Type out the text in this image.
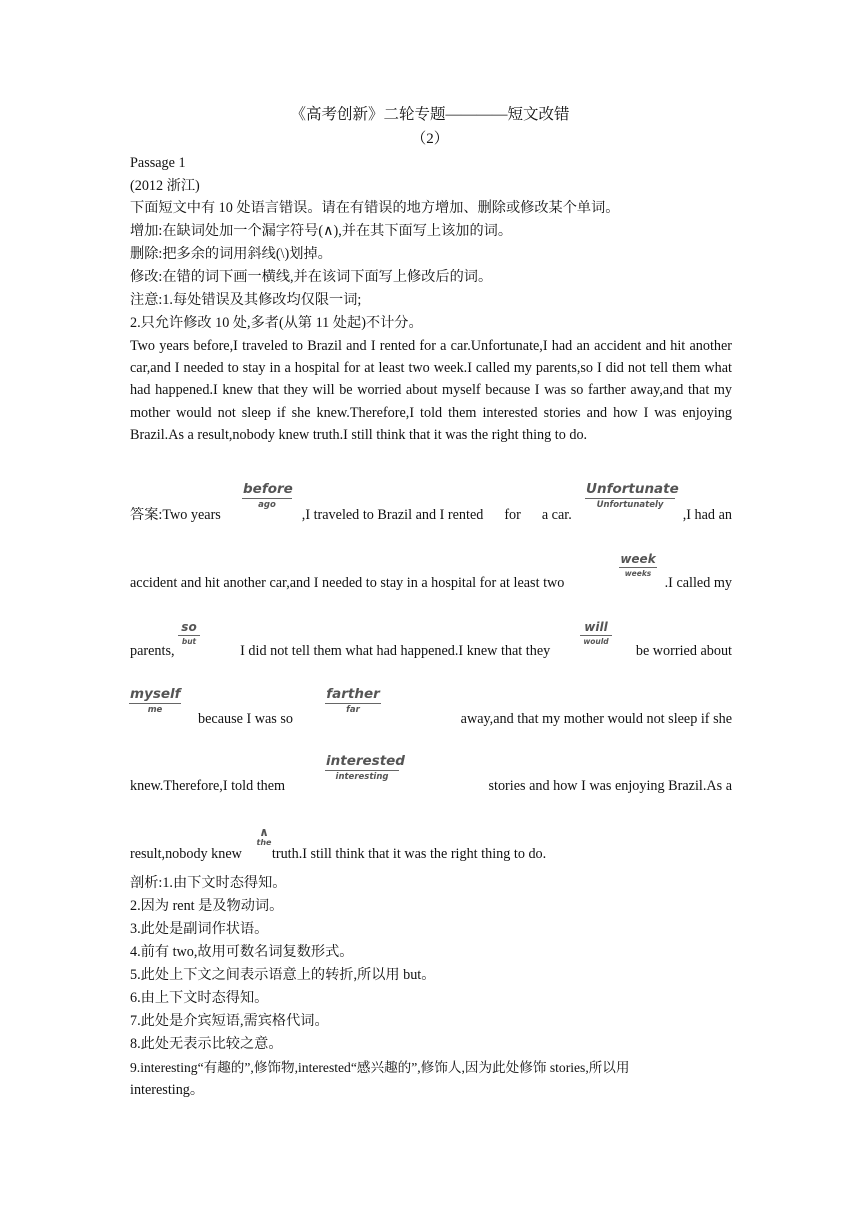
《高考创新》二轮专题————短文改错
（2）
Passage 1
(2012 浙江)
下面短文中有 10 处语言错误。请在有错误的地方增加、删除或修改某个单词。
增加:在缺词处加一个漏字符号(∧),并在其下面写上该加的词。
删除:把多余的词用斜线(\)划掉。
修改:在错的词下画一横线,并在该词下面写上修改后的词。
注意:1.每处错误及其修改均仅限一词;
2.只允许修改 10 处,多者(从第 11 处起)不计分。
Two years before,I traveled to Brazil and I rented for a car.Unfortunate,I had an accident and hit another car,and I needed to stay in a hospital for at least two week.I called my parents,so I did not tell them what had happened.I knew that they will be worried about myself because I was so farther away,and that my mother would not sleep if she knew.Therefore,I told them interested stories and how I was enjoying Brazil.As a result,nobody knew truth.I still think that it was the right thing to do.
答案:Two years	,I traveled to Brazil and I rented for a car.	,I had an
before
ago
Unfortunate
Unfortunately
accident and hit another car,and I needed to stay in a hospital for at least two	.I called my
week
weeks
parents,	I did not tell them what had happened.I knew that they	be worried about
so
but
will
would
because I was so	away,and that my mother would not sleep if she
myself
me
farther
far
knew.Therefore,I told them	stories and how I was enjoying Brazil.As a
interested
interesting
result,nobody knew truth.I still think that it was the right thing to do.
∧
the
剖析:1.由下文时态得知。
2.因为 rent 是及物动词。
3.此处是副词作状语。
4.前有 two,故用可数名词复数形式。
5.此处上下文之间表示语意上的转折,所以用 but。
6.由上下文时态得知。
7.此处是介宾短语,需宾格代词。
8.此处无表示比较之意。
9.interesting“有趣的”,修饰物,interested“感兴趣的”,修饰人,因为此处修饰 stories,所以用
interesting。
